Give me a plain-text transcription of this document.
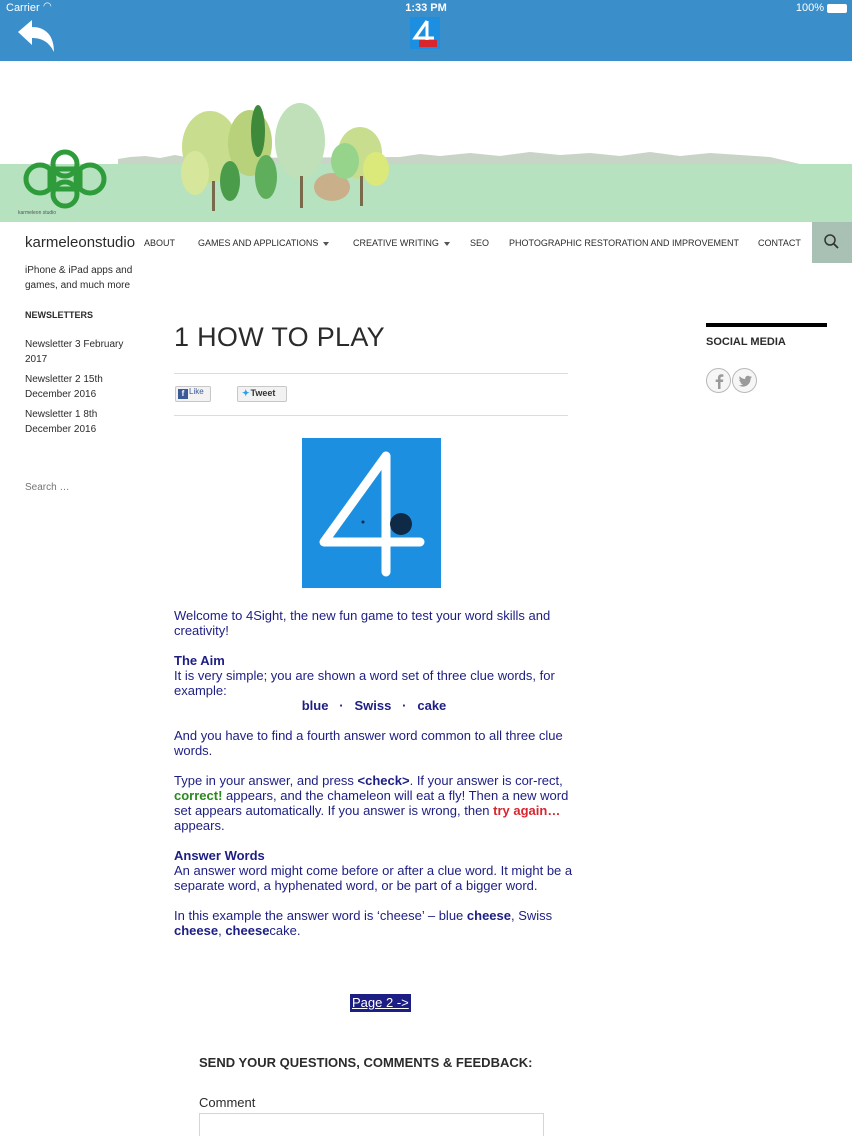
Carrier ◠	1:33 PM	100%
karmeleon studio
karmeleonstudio ABOUT	GAMES AND APPLICATIONS	CREATIVE WRITING	SEO PHOTOGRAPHIC RESTORATION AND IMPROVEMENT CONTACT
iPhone & iPad apps and games, and much more
NEWSLETTERS
Newsletter 3 February 2017
Newsletter 2 15th December 2016
Newsletter 1 8th December 2016
Search …
SOCIAL MEDIA
1 HOW TO PLAY
f Like	✦Tweet

Welcome to 4Sight, the new fun game to test your word skills and creativity!

The Aim

It is very simple; you are shown a word set of three clue words, for example:

blue · Swiss · cake

And you have to find a fourth answer word common to all three clue words.

Type in your answer, and press <check>. If your answer is cor-rect, correct! appears, and the chameleon will eat a fly! Then a new word set appears automatically. If you answer is wrong, then try again… appears.

Answer Words

An answer word might come before or after a clue word. It might be a separate word, a hyphenated word, or be part of a bigger word.

In this example the answer word is ‘cheese’ – blue cheese, Swiss cheese, cheesecake.

Page 2 ->
SEND YOUR QUESTIONS, COMMENTS & FEEDBACK:
Comment
